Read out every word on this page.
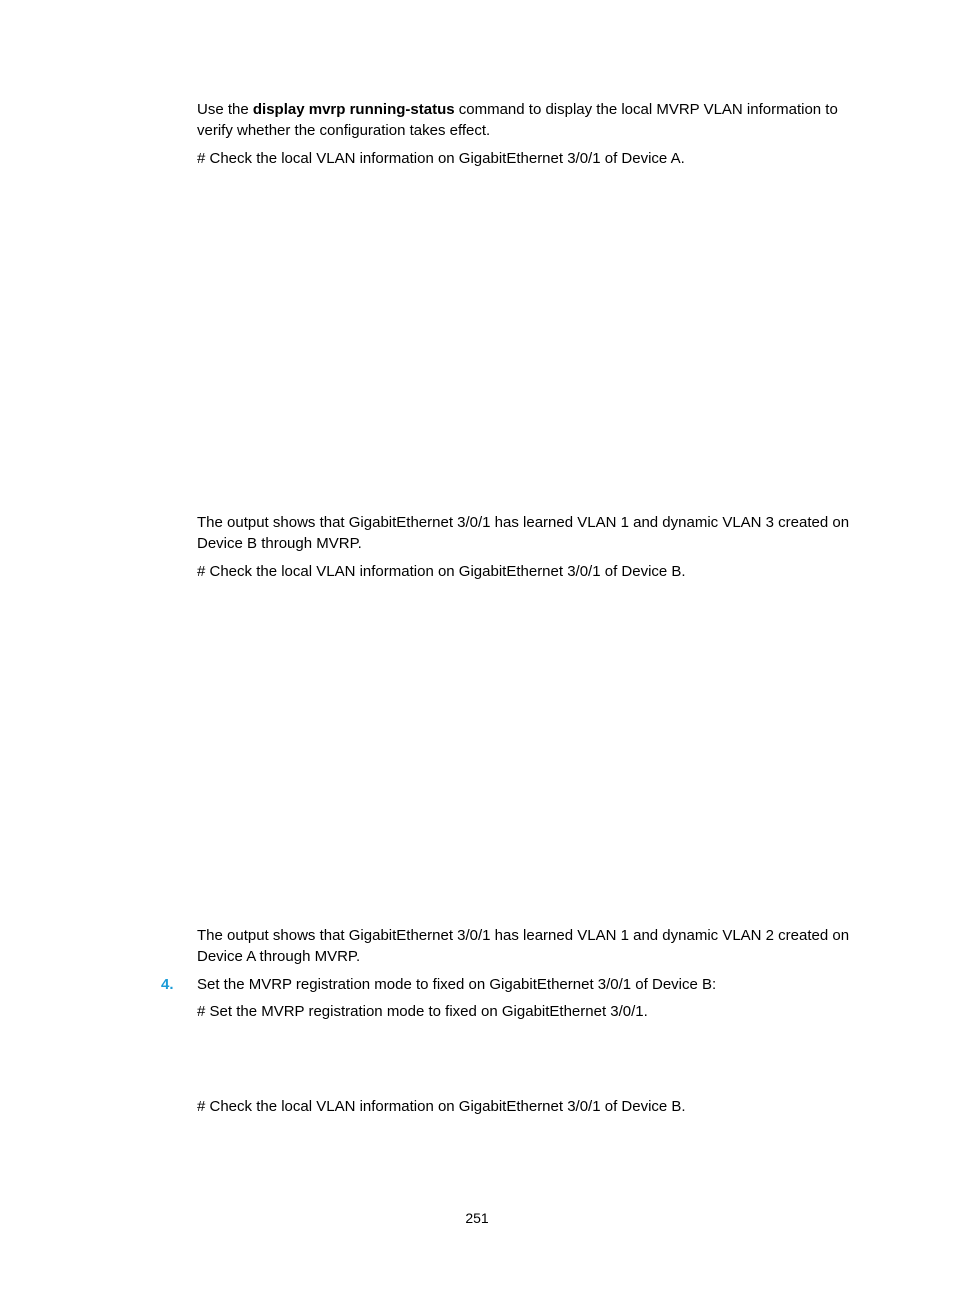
Use the display mvrp running-status command to display the local MVRP VLAN information to verify whether the configuration takes effect.

# Check the local VLAN information on GigabitEthernet 3/0/1 of Device A.

The output shows that GigabitEthernet 3/0/1 has learned VLAN 1 and dynamic VLAN 3 created on Device B through MVRP.

# Check the local VLAN information on GigabitEthernet 3/0/1 of Device B.

The output shows that GigabitEthernet 3/0/1 has learned VLAN 1 and dynamic VLAN 2 created on Device A through MVRP.

4. Set the MVRP registration mode to fixed on GigabitEthernet 3/0/1 of Device B:

# Set the MVRP registration mode to fixed on GigabitEthernet 3/0/1.

# Check the local VLAN information on GigabitEthernet 3/0/1 of Device B.

251
